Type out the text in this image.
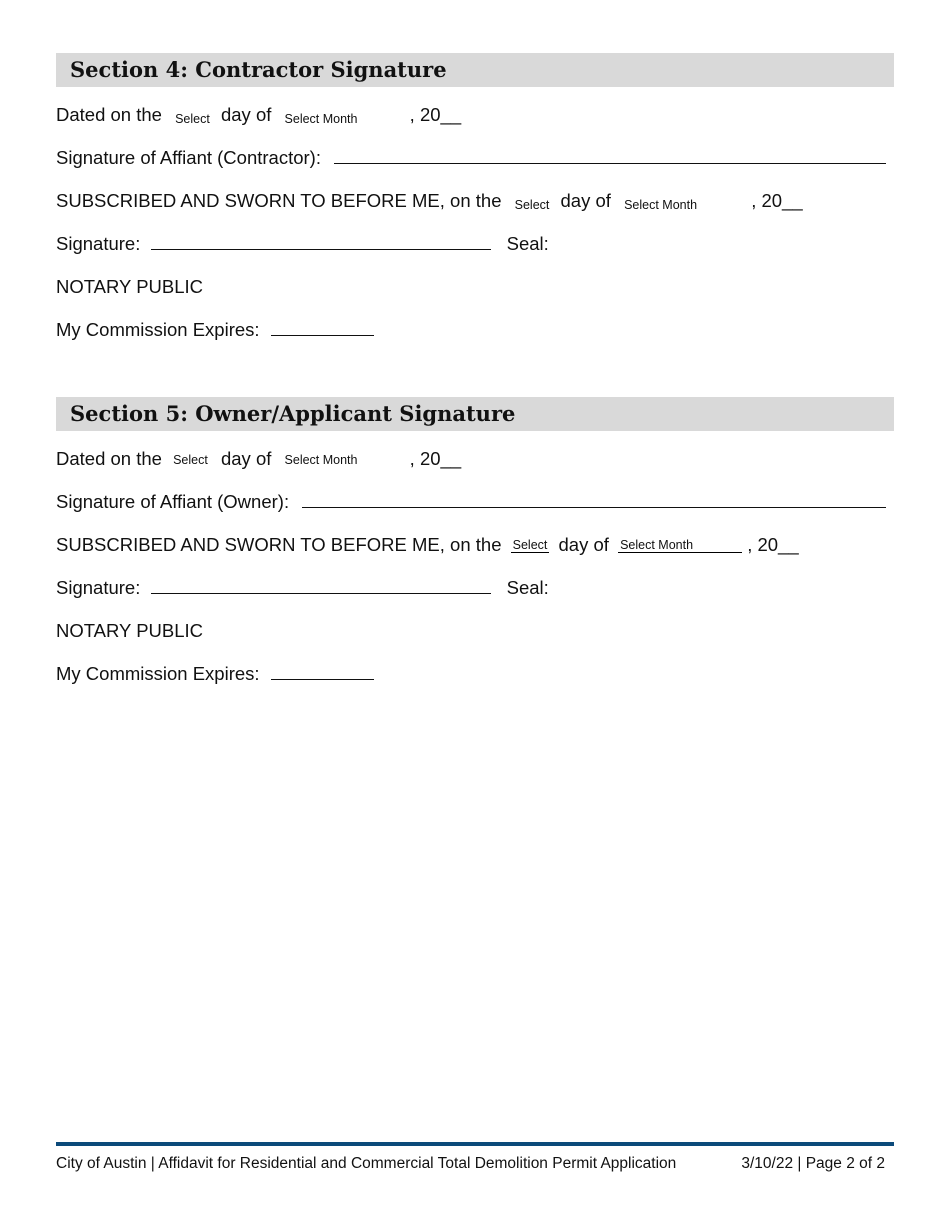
Section 4: Contractor Signature
Dated on the Select day of Select Month	, 20__
Signature of Affiant (Contractor):
SUBSCRIBED AND SWORN TO BEFORE ME, on the Select day of Select Month	, 20__
Signature:	Seal:
NOTARY PUBLIC
My Commission Expires:
Section 5: Owner/Applicant Signature
Dated on the Select day of Select Month	, 20__
Signature of Affiant (Owner):
SUBSCRIBED AND SWORN TO BEFORE ME, on the Select day of Select Month	, 20__
Signature:	Seal:
NOTARY PUBLIC
My Commission Expires:
City of Austin | Affidavit for Residential and Commercial Total Demolition Permit Application	3/10/22 | Page 2 of 2
